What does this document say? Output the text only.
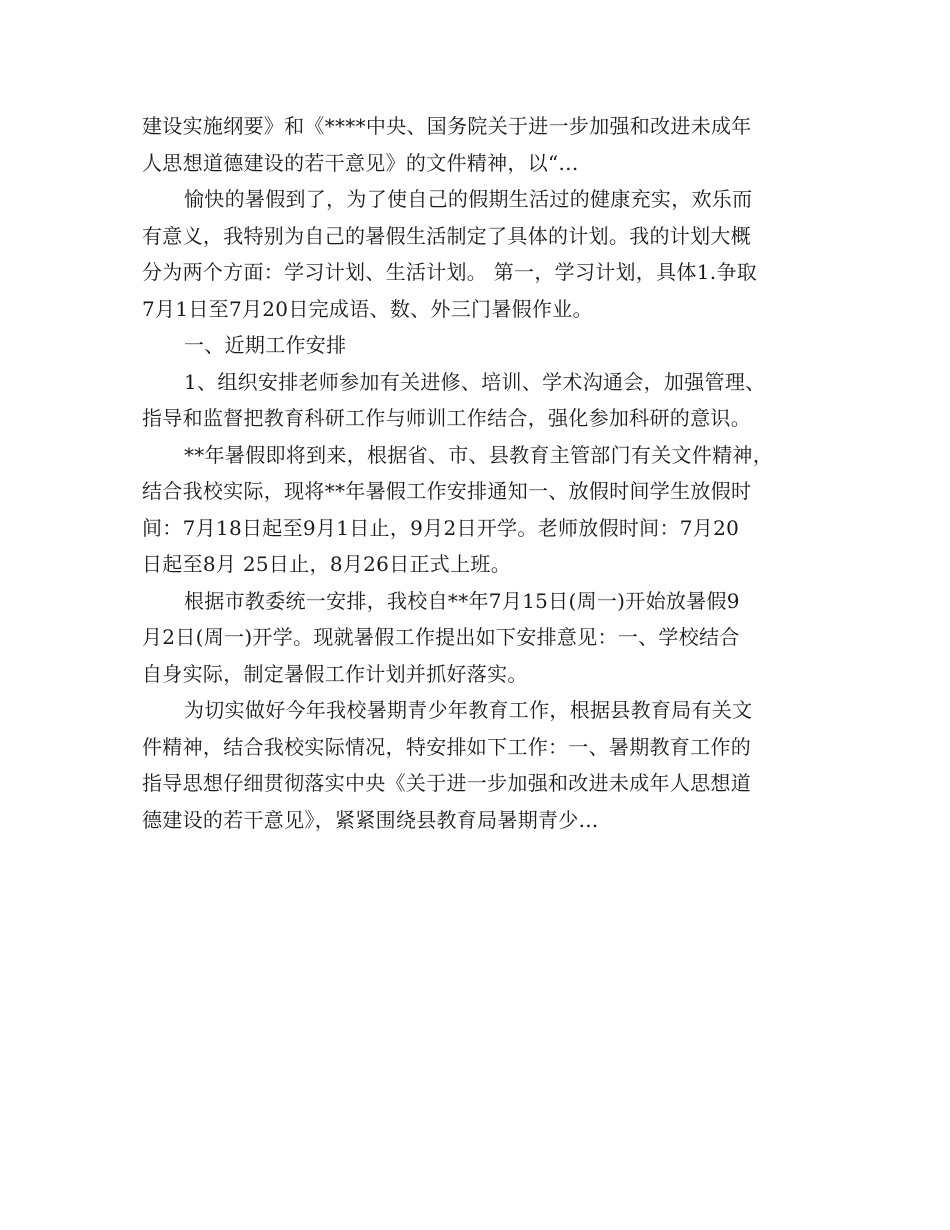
建设实施纲要》和《****中央、国务院关于进一步加强和改进未成年
人思想道德建设的若干意见》的文件精神，以“...
愉快的暑假到了，为了使自己的假期生活过的健康充实，欢乐而
有意义，我特别为自己的暑假生活制定了具体的计划。我的计划大概
分为两个方面：学习计划、生活计划。 第一，学习计划，具体1.争取
7月1日至7月20日完成语、数、外三门暑假作业。
一、近期工作安排
1、组织安排老师参加有关进修、培训、学术沟通会，加强管理、
指导和监督把教育科研工作与师训工作结合，强化参加科研的意识。
**年暑假即将到来，根据省、市、县教育主管部门有关文件精神，
结合我校实际，现将**年暑假工作安排通知一、放假时间学生放假时
间：7月18日起至9月1日止，9月2日开学。老师放假时间：7月20
日起至8月 25日止，8月26日正式上班。
根据市教委统一安排，我校自**年7月15日(周一)开始放暑假9
月2日(周一)开学。现就暑假工作提出如下安排意见：一、学校结合
自身实际，制定暑假工作计划并抓好落实。
为切实做好今年我校暑期青少年教育工作，根据县教育局有关文
件精神，结合我校实际情况，特安排如下工作：一、暑期教育工作的
指导思想仔细贯彻落实中央《关于进一步加强和改进未成年人思想道
德建设的若干意见》，紧紧围绕县教育局暑期青少...
